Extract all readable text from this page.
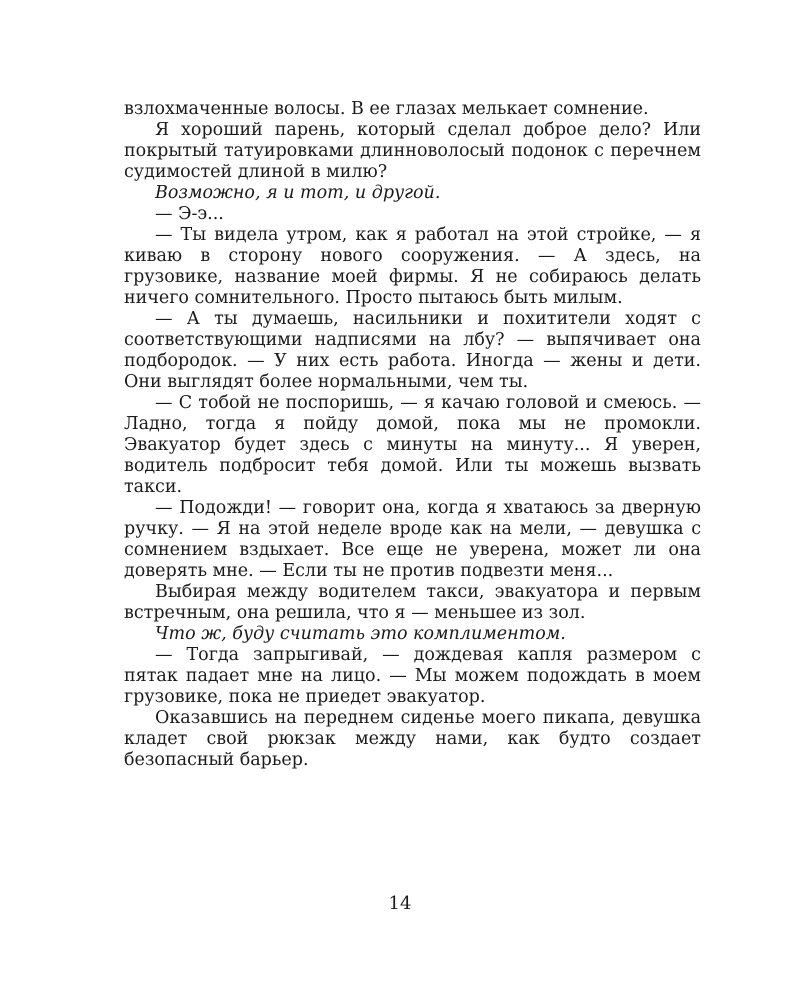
взлохмаченные волосы. В ее глазах мелькает сомнение.

Я хороший парень, который сделал доброе дело? Или покрытый татуировками длинноволосый подонок с перечнем судимостей длиной в милю?

Возможно, я и тот, и другой.

— Э-э...

— Ты видела утром, как я работал на этой стройке, — я киваю в сторону нового сооружения. — А здесь, на грузовике, название моей фирмы. Я не собираюсь делать ничего сомнительного. Просто пытаюсь быть милым.

— А ты думаешь, насильники и похитители ходят с соответствующими надписями на лбу? — выпячивает она подбородок. — У них есть работа. Иногда — жены и дети. Они выглядят более нормальными, чем ты.

— С тобой не поспоришь, — я качаю головой и смеюсь. — Ладно, тогда я пойду домой, пока мы не промокли. Эвакуатор будет здесь с минуты на минуту... Я уверен, водитель подбросит тебя домой. Или ты можешь вызвать такси.

— Подожди! — говорит она, когда я хватаюсь за дверную ручку. — Я на этой неделе вроде как на мели, — девушка с сомнением вздыхает. Все еще не уверена, может ли она доверять мне. — Если ты не против подвезти меня...

Выбирая между водителем такси, эвакуатора и первым встречным, она решила, что я — меньшее из зол.

Что ж, буду считать это комплиментом.

— Тогда запрыгивай, — дождевая капля размером с пятак падает мне на лицо. — Мы можем подождать в моем грузовике, пока не приедет эвакуатор.

Оказавшись на переднем сиденье моего пикапа, девушка кладет свой рюкзак между нами, как будто создает безопасный барьер.

14
